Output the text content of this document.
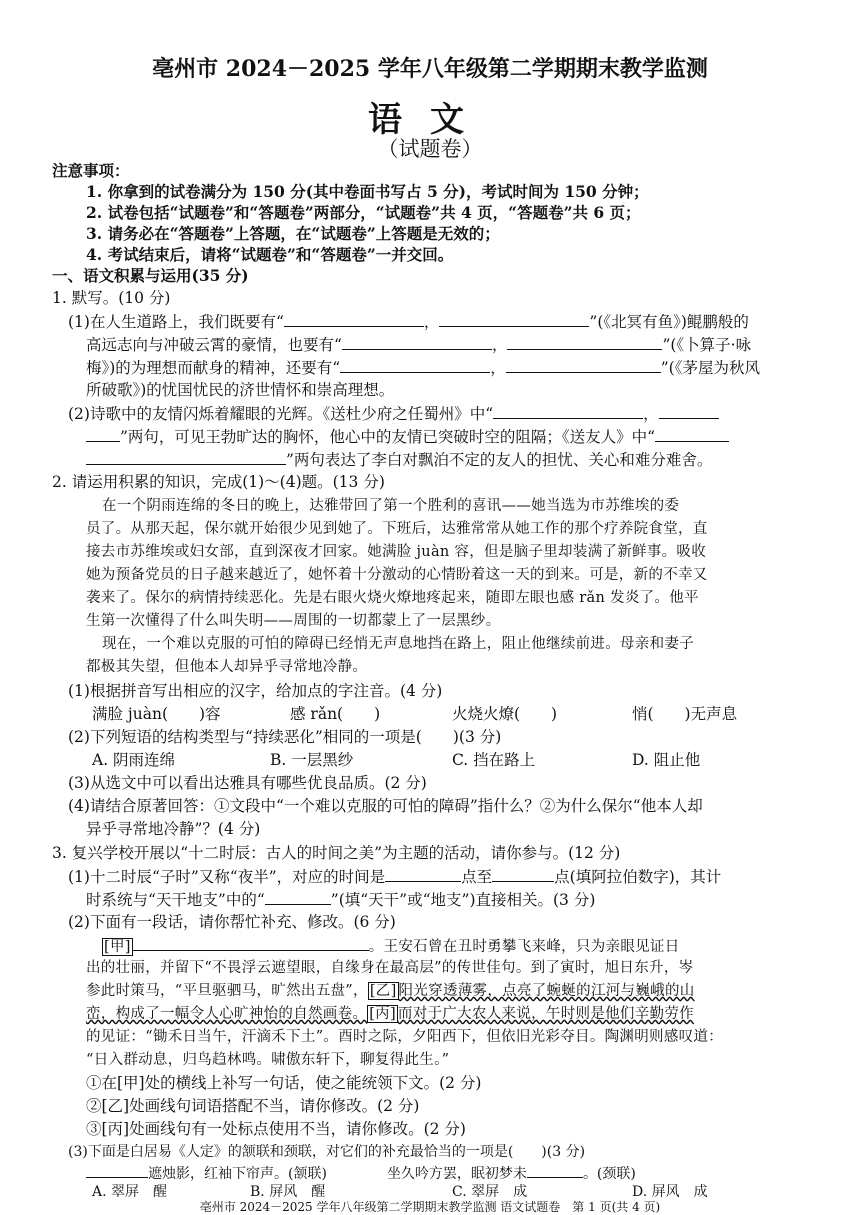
亳州市 2024－2025 学年八年级第二学期期末教学监测
语文
（试题卷）
注意事项：
1. 你拿到的试卷满分为 150 分(其中卷面书写占 5 分)，考试时间为 150 分钟；
2. 试卷包括“试题卷”和“答题卷”两部分，“试题卷”共 4 页，“答题卷”共 6 页；
3. 请务必在“答题卷”上答题，在“试题卷”上答题是无效的；
4. 考试结束后，请将“试题卷”和“答题卷”一并交回。
一、语文积累与运用(35 分)
1. 默写。(10 分)
(1)在人生道路上，我们既要有“	，	”(《北冥有鱼》)鲲鹏般的
高远志向与冲破云霄的豪情，也要有“	，	”(《卜算子·咏
梅》)的为理想而献身的精神，还要有“	，	”(《茅屋为秋风
所破歌》)的忧国忧民的济世情怀和崇高理想。
(2)诗歌中的友情闪烁着耀眼的光辉。《送杜少府之任蜀州》中“	，
”两句，可见王勃旷达的胸怀，他心中的友情已突破时空的阻隔；《送友人》中“
”两句表达了李白对飘泊不定的友人的担忧、关心和难分难舍。
2. 请运用积累的知识，完成(1)～(4)题。(13 分)
在一个阴雨连绵的冬日的晚上，达雅带回了第一个胜利的喜讯——她当选为市苏维埃的委
员了。从那天起，保尔就开始很少见到她了。下班后，达雅常常从她工作的那个疗养院食堂，直
接去市苏维埃或妇女部，直到深夜才回家。她满脸 juàn 容，但是脑子里却装满了新鲜事。吸收
她为预备党员的日子越来越近了，她怀着十分激动的心情盼着这一天的到来。可是，新的不幸又
袭来了。保尔的病情持续恶化。先是右眼火烧火燎地疼起来，随即左眼也感 rǎn 发炎了。他平
生第一次懂得了什么叫失明——周围的一切都蒙上了一层黑纱。
现在，一个难以克服的可怕的障碍已经悄无声息地挡在路上，阻止他继续前进。母亲和妻子
都极其失望，但他本人却异乎寻常地冷静。
(1)根据拼音写出相应的汉字，给加点的字注音。(4 分)
满脸 juàn(　　)容	感 rǎn(　　)	火烧火燎(　　)	悄(　　)无声息
(2)下列短语的结构类型与“持续恶化”相同的一项是(　　)(3 分)
A. 阴雨连绵	B. 一层黑纱	C. 挡在路上	D. 阻止他
(3)从选文中可以看出达雅具有哪些优良品质。(2 分)
(4)请结合原著回答：①文段中“一个难以克服的可怕的障碍”指什么？②为什么保尔“他本人却
异乎寻常地冷静”？(4 分)
3. 复兴学校开展以“十二时辰：古人的时间之美”为主题的活动，请你参与。(12 分)
(1)十二时辰“子时”又称“夜半”，对应的时间是	点至	点(填阿拉伯数字)，其计
时系统与“天干地支”中的“	”(填“天干”或“地支”)直接相关。(3 分)
(2)下面有一段话，请你帮忙补充、修改。(6 分)
[甲]	。王安石曾在丑时勇攀飞来峰，只为亲眼见证日
出的壮丽，并留下“不畏浮云遮望眼，自缘身在最高层”的传世佳句。到了寅时，旭日东升，岑
参此时策马，“平旦驱驷马，旷然出五盘”， [乙] 阳光穿透薄雾，点亮了蜿蜒的江河与巍峨的山
峦，构成了一幅令人心旷神怡的自然画卷。 [丙] 而对于广大农人来说，午时则是他们辛勤劳作
的见证：“锄禾日当午，汗滴禾下土”。酉时之际，夕阳西下，但依旧光彩夺目。陶渊明则感叹道：
“日入群动息，归鸟趋林鸣。啸傲东轩下，聊复得此生。”
①在[甲]处的横线上补写一句话，使之能统领下文。(2 分)
②[乙]处画线句词语搭配不当，请你修改。(2 分)
③[丙]处画线句有一处标点使用不当，请你修改。(2 分)
(3)下面是白居易《人定》的颔联和颈联，对它们的补充最恰当的一项是(　　)(3 分)
遮烛影，红袖下帘声。(颔联)	坐久吟方罢，眠初梦未	。(颈联)
A. 翠屏　醒	B. 屏风　醒	C. 翠屏　成	D. 屏风　成
亳州市 2024－2025 学年八年级第二学期期末教学监测 语文试题卷　第 1 页(共 4 页)
